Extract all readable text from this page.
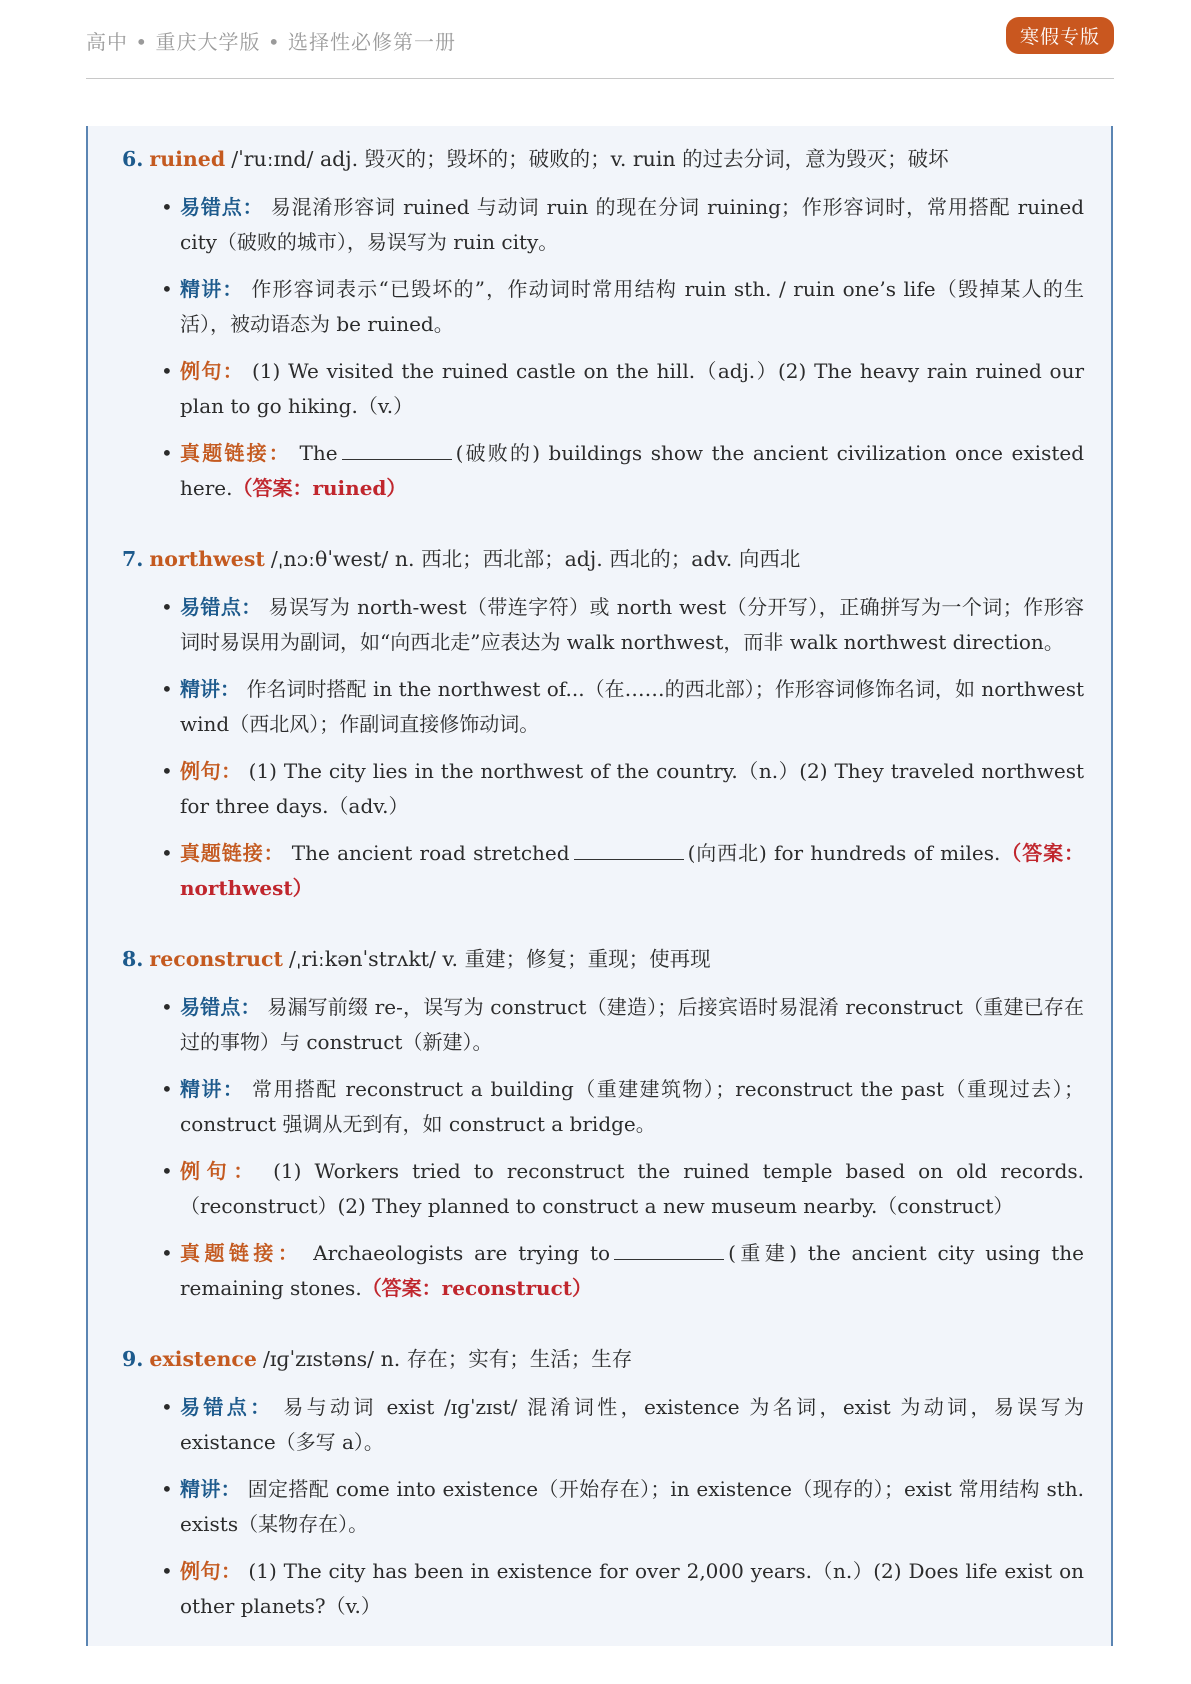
高中 • 重庆大学版 • 选择性必修第一册	寒假专版
6. ruined /ˈruːɪnd/ adj. 毁灭的；毁坏的；破败的；v. ruin 的过去分词，意为毁灭；破坏
• 易错点： 易混淆形容词 ruined 与动词 ruin 的现在分词 ruining；作形容词时，常用搭配 ruined city（破败的城市），易误写为 ruin city。
• 精讲： 作形容词表示“已毁坏的”，作动词时常用结构 ruin sth. / ruin one’s life（毁掉某人的生活），被动语态为 be ruined。
• 例句： (1) We visited the ruined castle on the hill.（adj.）(2) The heavy rain ruined our plan to go hiking.（v.）
• 真题链接： The	(破败的) buildings show the ancient civilization once existed here.（答案：ruined）
7. northwest /ˌnɔːθˈwest/ n. 西北；西北部；adj. 西北的；adv. 向西北
• 易错点： 易误写为 north-west（带连字符）或 north west（分开写），正确拼写为一个词；作形容词时易误用为副词，如“向西北走”应表达为 walk northwest，而非 walk northwest direction。
• 精讲： 作名词时搭配 in the northwest of...（在……的西北部）；作形容词修饰名词，如 northwest wind（西北风）；作副词直接修饰动词。
• 例句： (1) The city lies in the northwest of the country.（n.）(2) They traveled northwest for three days.（adv.）
• 真题链接： The ancient road stretched	(向西北) for hundreds of miles.（答案：northwest）
8. reconstruct /ˌriːkənˈstrʌkt/ v. 重建；修复；重现；使再现
• 易错点： 易漏写前缀 re-，误写为 construct（建造）；后接宾语时易混淆 reconstruct（重建已存在过的事物）与 construct（新建）。
• 精讲： 常用搭配 reconstruct a building（重建建筑物）；reconstruct the past（重现过去）；construct 强调从无到有，如 construct a bridge。
• 例句： (1) Workers tried to reconstruct the ruined temple based on old records.（reconstruct）(2) They planned to construct a new museum nearby.（construct）
• 真题链接： Archaeologists are trying to	(重建) the ancient city using the remaining stones.（答案：reconstruct）
9. existence /ɪɡˈzɪstəns/ n. 存在；实有；生活；生存
• 易错点： 易与动词 exist /ɪɡˈzɪst/ 混淆词性，existence 为名词，exist 为动词，易误写为 existance（多写 a）。
• 精讲： 固定搭配 come into existence（开始存在）；in existence（现存的）；exist 常用结构 sth. exists（某物存在）。
• 例句： (1) The city has been in existence for over 2,000 years.（n.）(2) Does life exist on other planets?（v.）
